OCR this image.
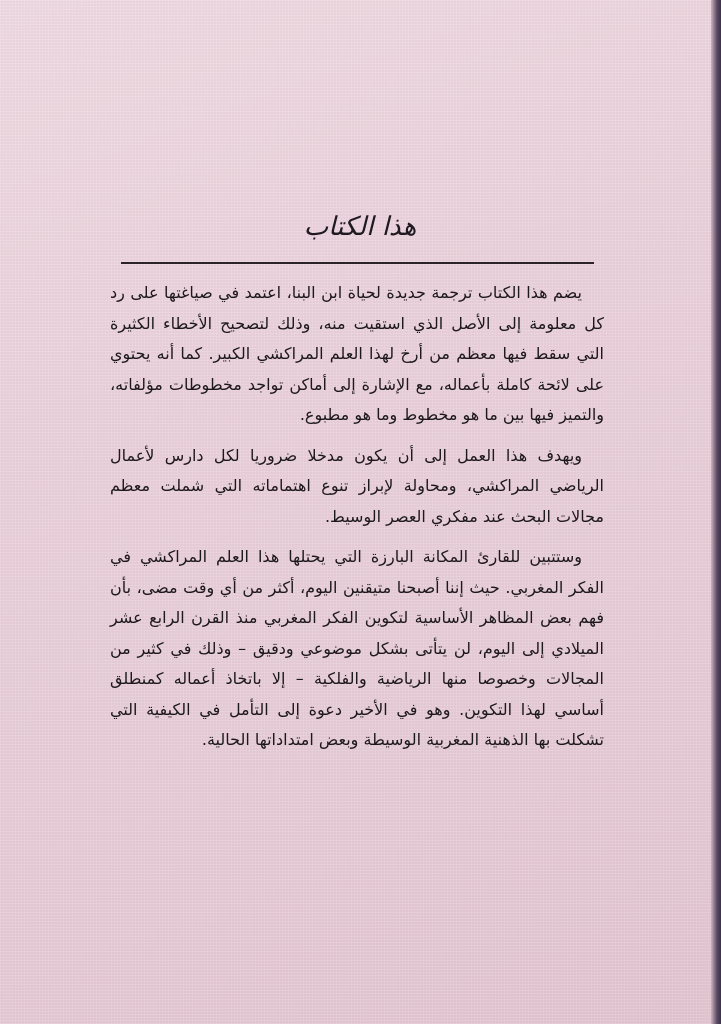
هذا الكتاب

يضم هذا الكتاب ترجمة جديدة لحياة ابن البنا، اعتمد في صياغتها على رد كل معلومة إلى الأصل الذي استقيت منه، وذلك لتصحيح الأخطاء الكثيرة التي سقط فيها معظم من أرخ لهذا العلم المراكشي الكبير. كما أنه يحتوي على لائحة كاملة بأعماله، مع الإشارة إلى أماكن تواجد مخطوطات مؤلفاته، والتميز فيها بين ما هو مخطوط وما هو مطبوع.

ويهدف هذا العمل إلى أن يكون مدخلا ضروريا لكل دارس لأعمال الرياضي المراكشي، ومحاولة لإبراز تنوع اهتماماته التي شملت معظم مجالات البحث عند مفكري العصر الوسيط.

وستتبين للقارئ المكانة البارزة التي يحتلها هذا العلم المراكشي في الفكر المغربي. حيث إننا أصبحنا متيقنين اليوم، أكثر من أي وقت مضى، بأن فهم بعض المظاهر الأساسية لتكوين الفكر المغربي منذ القرن الرابع عشر الميلادي إلى اليوم، لن يتأتى بشكل موضوعي ودقيق – وذلك في كثير من المجالات وخصوصا منها الرياضية والفلكية – إلا باتخاذ أعماله كمنطلق أساسي لهذا التكوين. وهو في الأخير دعوة إلى التأمل في الكيفية التي تشكلت بها الذهنية المغربية الوسيطة وبعض امتداداتها الحالية.
